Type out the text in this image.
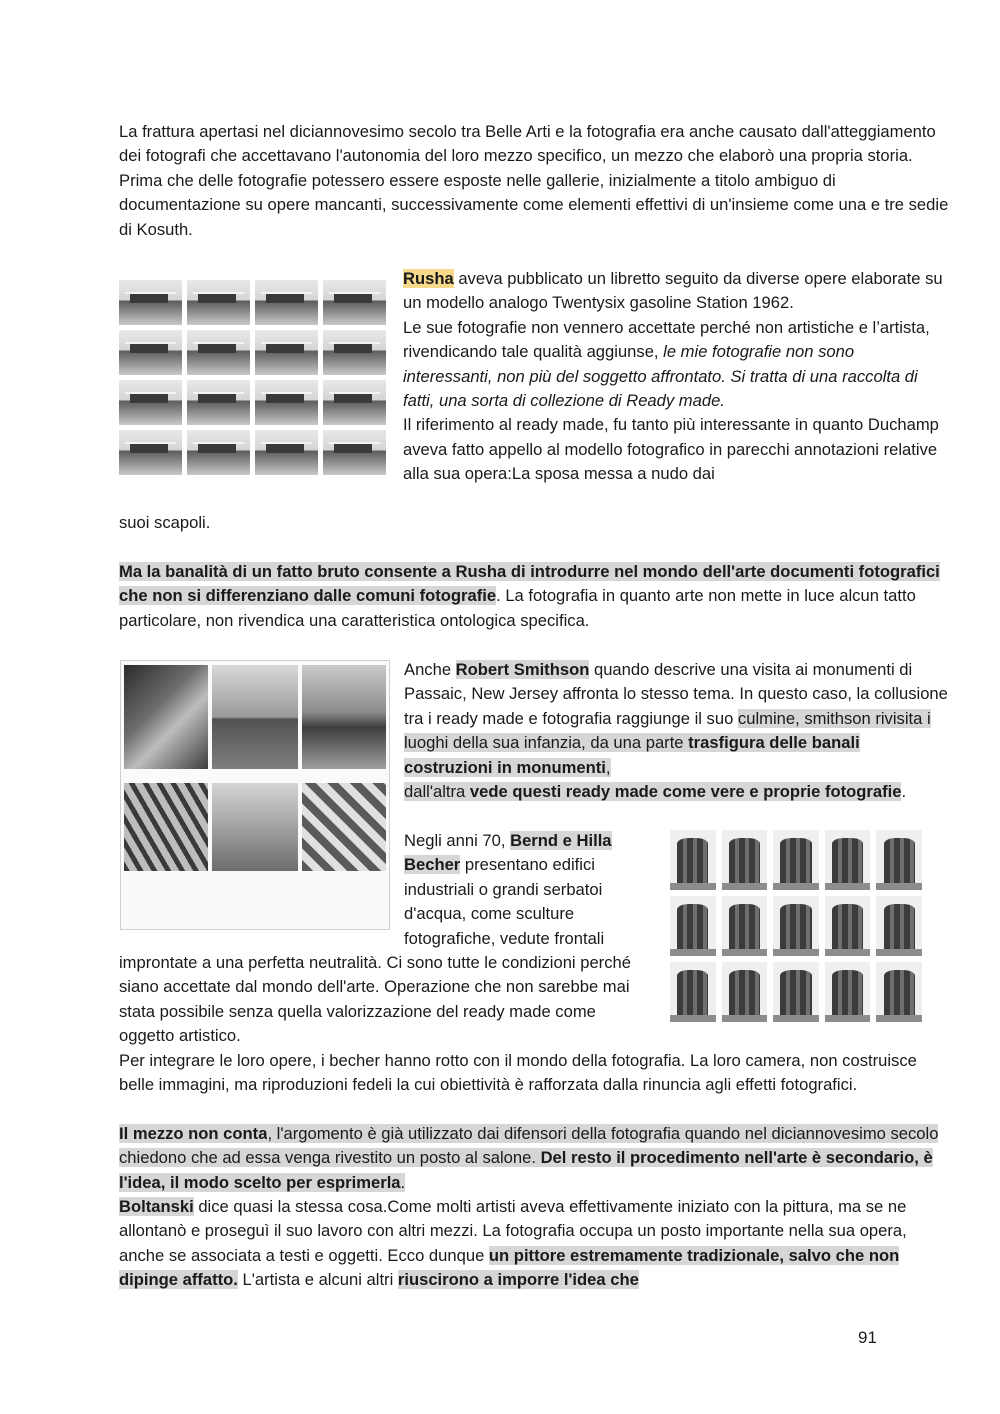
La frattura apertasi nel diciannovesimo secolo tra Belle Arti e la fotografia era anche causato dall'atteggiamento dei fotografi che accettavano l'autonomia del loro mezzo specifico, un mezzo che elaborò una propria storia. Prima che delle fotografie potessero essere esposte nelle gallerie, inizialmente a titolo ambiguo di documentazione su opere mancanti, successivamente come elementi effettivi di un'insieme come una e tre sedie di Kosuth.

Rusha aveva pubblicato un libretto seguito da diverse opere elaborate su un modello analogo Twentysix gasoline Station 1962.

Le sue fotografie non vennero accettate perché non artistiche e l’artista, rivendicando tale qualità aggiunse, le mie fotografie non sono interessanti, non più del soggetto affrontato. Si tratta di una raccolta di fatti, una sorta di collezione di Ready made.

Il riferimento al ready made, fu tanto più interessante in quanto Duchamp aveva fatto appello al modello fotografico in parecchi annotazioni relative alla sua opera:La sposa messa a nudo dai

suoi scapoli.

Ma la banalità di un fatto bruto consente a Rusha di introdurre nel mondo dell'arte documenti fotografici che non si differenziano dalle comuni fotografie. La fotografia in quanto arte non mette in luce alcun tatto particolare, non rivendica una caratteristica ontologica specifica.

Anche Robert Smithson quando descrive una visita ai monumenti di Passaic, New Jersey affronta lo stesso tema. In questo caso, la collusione tra i ready made e fotografia raggiunge il suo culmine, smithson rivisita i luoghi della sua infanzia, da una parte trasfigura delle banali costruzioni in monumenti,

dall'altra vede questi ready made come vere e proprie fotografie.

Negli anni 70, Bernd e Hilla Becher presentano edifici industriali o grandi serbatoi d'acqua, come sculture fotografiche, vedute frontali

improntate a una perfetta neutralità. Ci sono tutte le condizioni perché siano accettate dal mondo dell'arte. Operazione che non sarebbe mai stata possibile senza quella valorizzazione del ready made come oggetto artistico.

Per integrare le loro opere, i becher hanno rotto con il mondo della fotografia. La loro camera, non costruisce belle immagini, ma riproduzioni fedeli la cui obiettività è rafforzata dalla rinuncia agli effetti fotografici.

Il mezzo non conta, l'argomento è già utilizzato dai difensori della fotografia quando nel diciannovesimo secolo chiedono che ad essa venga rivestito un posto al salone. Del resto il procedimento nell'arte è secondario, è l'idea, il modo scelto per esprimerla.

Boltanski dice quasi la stessa cosa.Come molti artisti aveva effettivamente iniziato con la pittura, ma se ne allontanò e proseguì il suo lavoro con altri mezzi. La fotografia occupa un posto importante nella sua opera, anche se associata a testi e oggetti. Ecco dunque un pittore estremamente tradizionale, salvo che non dipinge affatto. L'artista e alcuni altri riuscirono a imporre l'idea che

91
